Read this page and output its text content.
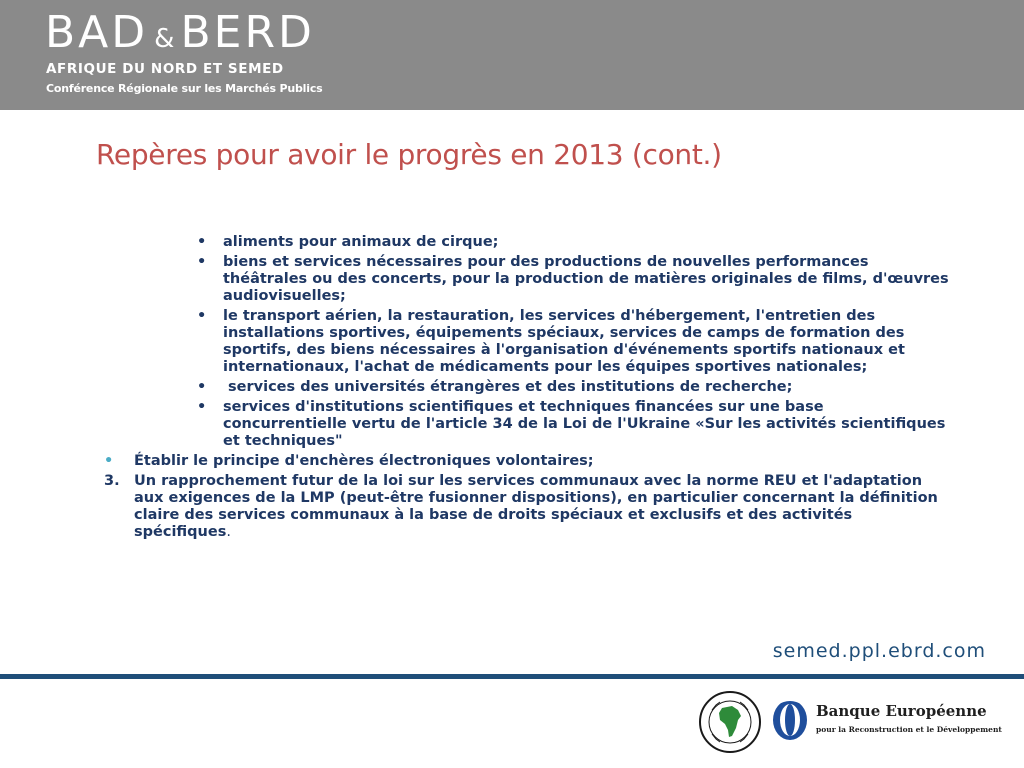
BAD & BERD
AFRIQUE DU NORD ET SEMED
Conférence Régionale sur les Marchés Publics
Repères pour avoir le progrès en 2013 (cont.)
• aliments pour animaux de cirque;
• biens et services nécessaires pour des productions de nouvelles performances théâtrales ou des concerts, pour la production de matières originales de films, d'œuvres audiovisuelles;
• le transport aérien, la restauration, les services d'hébergement, l'entretien des installations sportives, équipements spéciaux, services de camps de formation des sportifs, des biens nécessaires à l'organisation d'événements sportifs nationaux et internationaux, l'achat de médicaments pour les équipes sportives nationales;
• services des universités étrangères et des institutions de recherche;
• services d'institutions scientifiques et techniques financées sur une base concurrentielle vertu de l'article 34 de la Loi de l'Ukraine «Sur les activités scientifiques et techniques"
• Établir le principe d'enchères électroniques volontaires;
3. Un rapprochement futur de la loi sur les services communaux avec la norme REU et l'adaptation aux exigences de la LMP (peut-être fusionner dispositions), en particulier concernant la définition claire des services communaux à la base de droits spéciaux et exclusifs et des activités spécifiques.
semed.ppl.ebrd.com
Banque Européenne
pour la Reconstruction et le Développement
